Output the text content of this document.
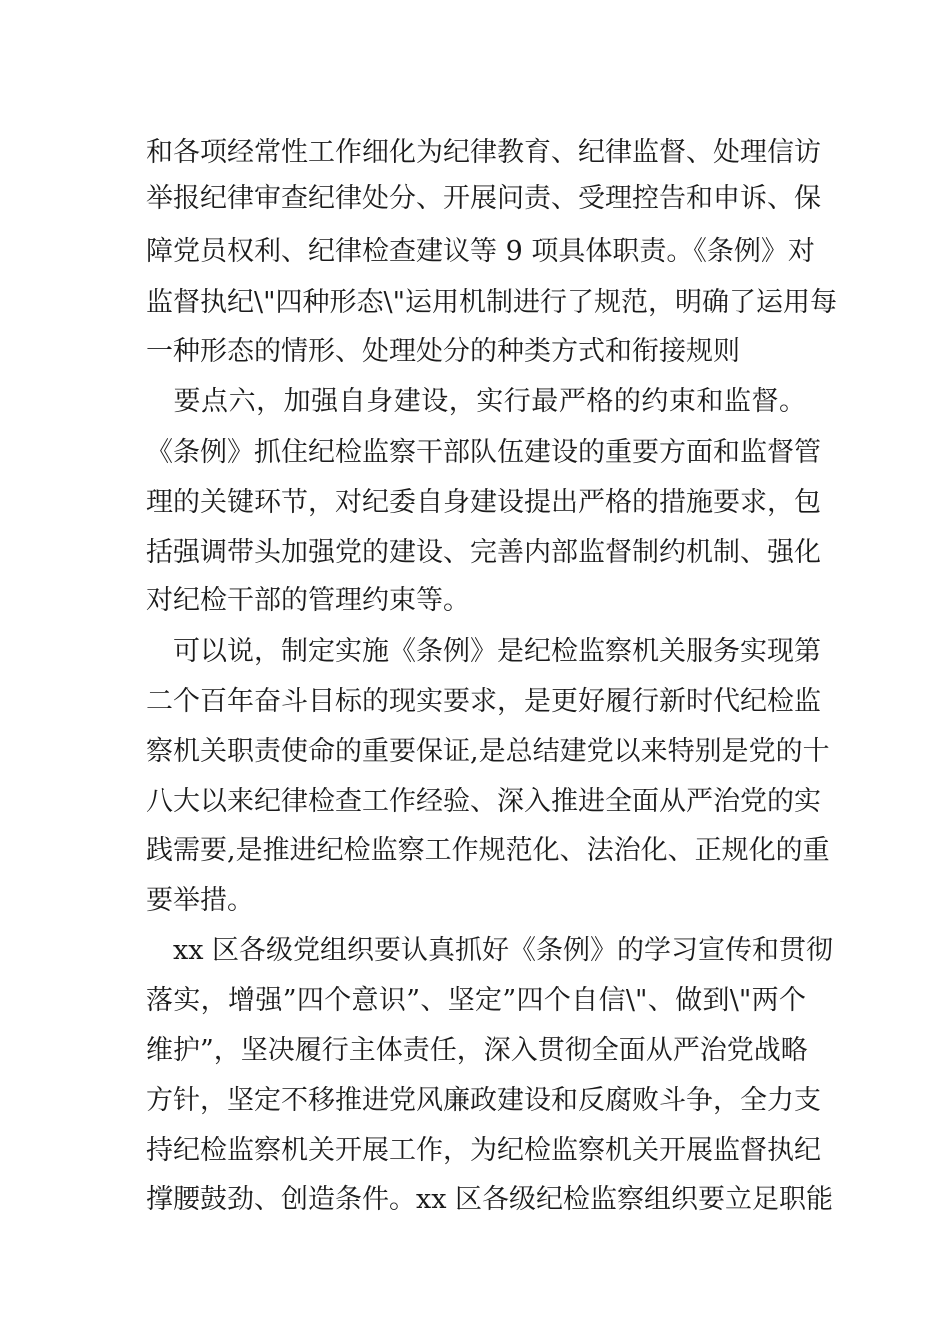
和各项经常性工作细化为纪律教育、纪律监督、处理信访
举报纪律审查纪律处分、开展问责、受理控告和申诉、保
障党员权利、纪律检查建议等 9 项具体职责。《条例》对
监督执纪\"四种形态\"运用机制进行了规范，明确了运用每
一种形态的情形、处理处分的种类方式和衔接规则
　要点六，加强自身建设，实行最严格的约束和监督。
《条例》抓住纪检监察干部队伍建设的重要方面和监督管
理的关键环节，对纪委自身建设提出严格的措施要求，包
括强调带头加强党的建设、完善内部监督制约机制、强化
对纪检干部的管理约束等。
　可以说，制定实施《条例》是纪检监察机关服务实现第
二个百年奋斗目标的现实要求，是更好履行新时代纪检监
察机关职责使命的重要保证,是总结建党以来特别是党的十
八大以来纪律检查工作经验、深入推进全面从严治党的实
践需要,是推进纪检监察工作规范化、法治化、正规化的重
要举措。
　xx 区各级党组织要认真抓好《条例》的学习宣传和贯彻
落实，增强”四个意识”、坚定”四个自信\"、做到\"两个
维护”，坚决履行主体责任，深入贯彻全面从严治党战略
方针，坚定不移推进党风廉政建设和反腐败斗争，全力支
持纪检监察机关开展工作，为纪检监察机关开展监督执纪
撑腰鼓劲、创造条件。xx 区各级纪检监察组织要立足职能
